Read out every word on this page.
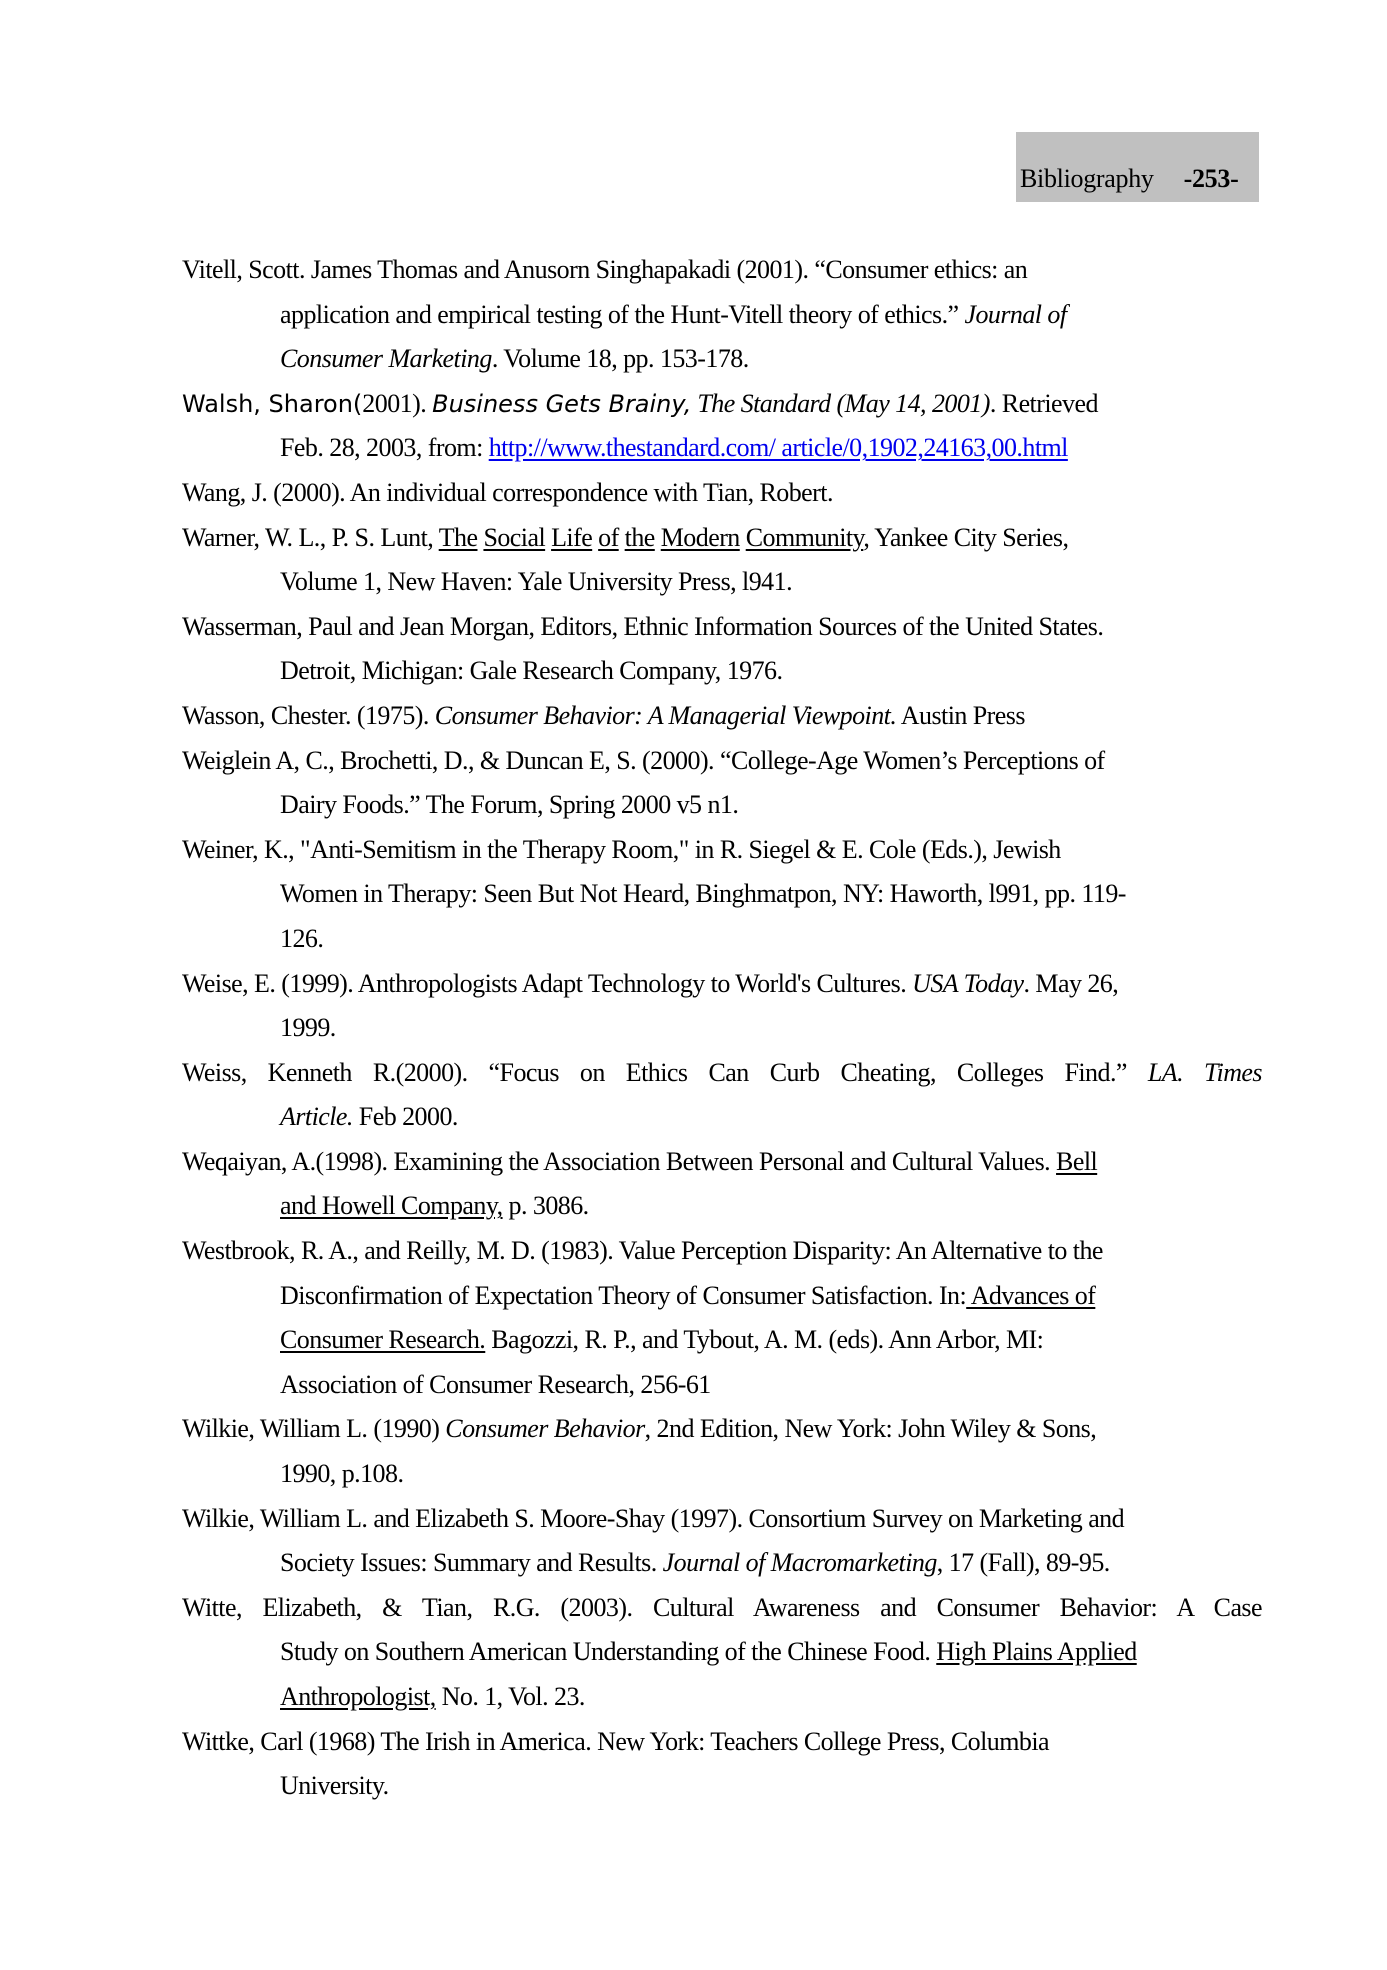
Bibliography -253-
Vitell, Scott. James Thomas and Anusorn Singhapakadi (2001). “Consumer ethics: an
application and empirical testing of the Hunt-Vitell theory of ethics.” Journal of
Consumer Marketing. Volume 18, pp. 153-178.
Walsh, Sharon(2001). Business Gets Brainy, The Standard (May 14, 2001). Retrieved
Feb. 28, 2003, from: http://www.thestandard.com/ article/0,1902,24163,00.html
Wang, J. (2000). An individual correspondence with Tian, Robert.
Warner, W. L., P. S. Lunt, The Social Life of the Modern Community, Yankee City Series,
Volume 1, New Haven: Yale University Press, l941.
Wasserman, Paul and Jean Morgan, Editors, Ethnic Information Sources of the United States.
Detroit, Michigan: Gale Research Company, 1976.
Wasson, Chester. (1975). Consumer Behavior: A Managerial Viewpoint. Austin Press
Weiglein A, C., Brochetti, D., & Duncan E, S. (2000). “College-Age Women’s Perceptions of
Dairy Foods.” The Forum, Spring 2000 v5 n1.
Weiner, K., "Anti-Semitism in the Therapy Room," in R. Siegel & E. Cole (Eds.), Jewish
Women in Therapy: Seen But Not Heard, Binghmatpon, NY: Haworth, l991, pp. 119-
126.
Weise, E. (1999). Anthropologists Adapt Technology to World's Cultures. USA Today. May 26,
1999.
Weiss, Kenneth R.(2000). “Focus on Ethics Can Curb Cheating, Colleges Find.” LA. Times
Article. Feb 2000.
Weqaiyan, A.(1998). Examining the Association Between Personal and Cultural Values. Bell
and Howell Company, p. 3086.
Westbrook, R. A., and Reilly, M. D. (1983). Value Perception Disparity: An Alternative to the
Disconfirmation of Expectation Theory of Consumer Satisfaction. In: Advances of
Consumer Research. Bagozzi, R. P., and Tybout, A. M. (eds). Ann Arbor, MI:
Association of Consumer Research, 256-61
Wilkie, William L. (1990) Consumer Behavior, 2nd Edition, New York: John Wiley & Sons,
1990, p.108.
Wilkie, William L. and Elizabeth S. Moore-Shay (1997). Consortium Survey on Marketing and
Society Issues: Summary and Results. Journal of Macromarketing, 17 (Fall), 89-95.
Witte, Elizabeth, & Tian, R.G. (2003). Cultural Awareness and Consumer Behavior: A Case
Study on Southern American Understanding of the Chinese Food. High Plains Applied
Anthropologist, No. 1, Vol. 23.
Wittke, Carl (1968) The Irish in America. New York: Teachers College Press, Columbia
University.
